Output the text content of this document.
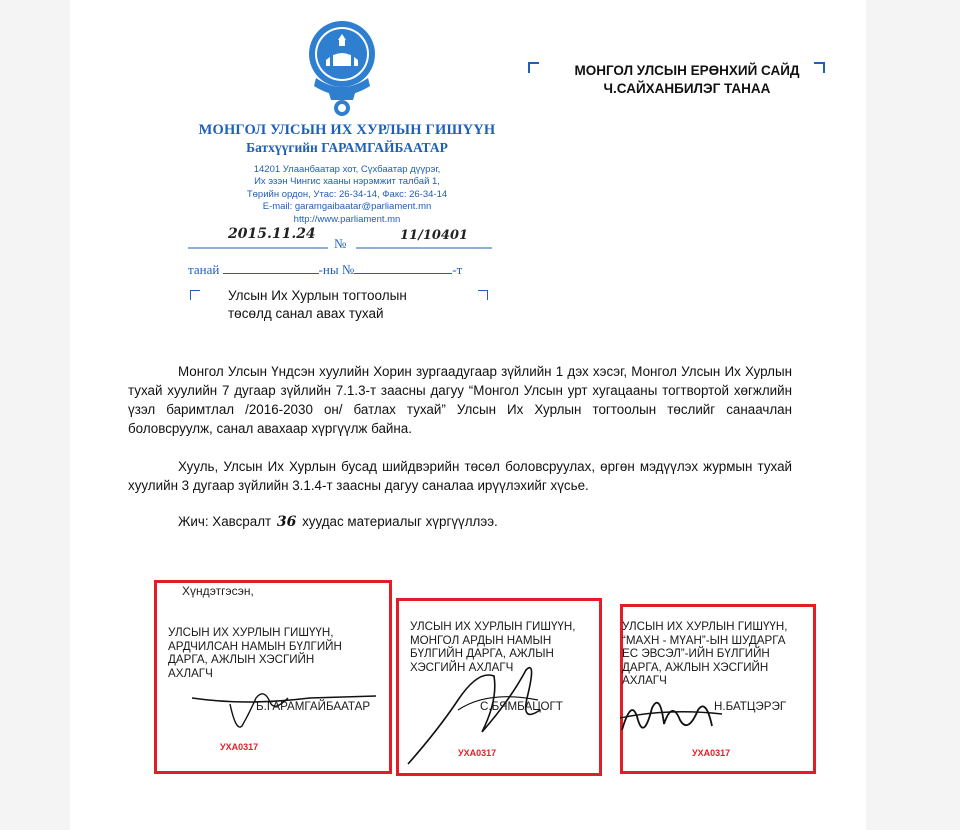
МОНГОЛ УЛСЫН ИХ ХУРЛЫН ГИШҮҮН
Батхүүгийн ГАРАМГАЙБААТАР
14201 Улаанбаатар хот, Сүхбаатар дүүрэг,
Их эзэн Чингис хааны нэрэмжит талбай 1,
Төрийн ордон, Утас: 26-34-14, Факс: 26-34-14
E-mail: garamgaibaatar@parliament.mn
http://www.parliament.mn
2015.11.24
№
11/10401
танай	-ны №	-т
Улсын Их Хурлын тогтоолын
төсөлд санал авах тухай
МОНГОЛ УЛСЫН ЕРӨНХИЙ САЙД
Ч.САЙХАНБИЛЭГ ТАНАА

Монгол Улсын Үндсэн хуулийн Хорин зургаадугаар зүйлийн 1 дэх хэсэг, Монгол Улсын Их Хурлын тухай хуулийн 7 дугаар зүйлийн 7.1.3-т заасны дагуу “Монгол Улсын урт хугацааны тогтвортой хөгжлийн үзэл баримтлал /2016-2030 он/ батлах тухай” Улсын Их Хурлын тогтоолын төслийг санаачлан боловсруулж, санал авахаар хүргүүлж байна.

Хууль, Улсын Их Хурлын бусад шийдвэрийн төсөл боловсруулах, өргөн мэдүүлэх журмын тухай хуулийн 3 дугаар зүйлийн 3.1.4-т заасны дагуу саналаа ирүүлэхийг хүсье.

Жич: Хавсралт 36 хуудас материалыг хүргүүллээ.
Хүндэтгэсэн,
УЛСЫН ИХ ХУРЛЫН ГИШҮҮН,
АРДЧИЛСАН НАМЫН БҮЛГИЙН
ДАРГА, АЖЛЫН ХЭСГИЙН
АХЛАГЧ
Б.ГАРАМГАЙБААТАР
УХА0317
УЛСЫН ИХ ХУРЛЫН ГИШҮҮН,
МОНГОЛ АРДЫН НАМЫН
БҮЛГИЙН ДАРГА, АЖЛЫН
ХЭСГИЙН АХЛАГЧ
С.БЯМБАЦОГТ
УХА0317
УЛСЫН ИХ ХУРЛЫН ГИШҮҮН,
“МАХН - МҮАН”-ЫН ШУДАРГА
ЕС ЭВСЭЛ”-ИЙН БҮЛГИЙН
ДАРГА, АЖЛЫН ХЭСГИЙН
АХЛАГЧ
Н.БАТЦЭРЭГ
УХА0317
